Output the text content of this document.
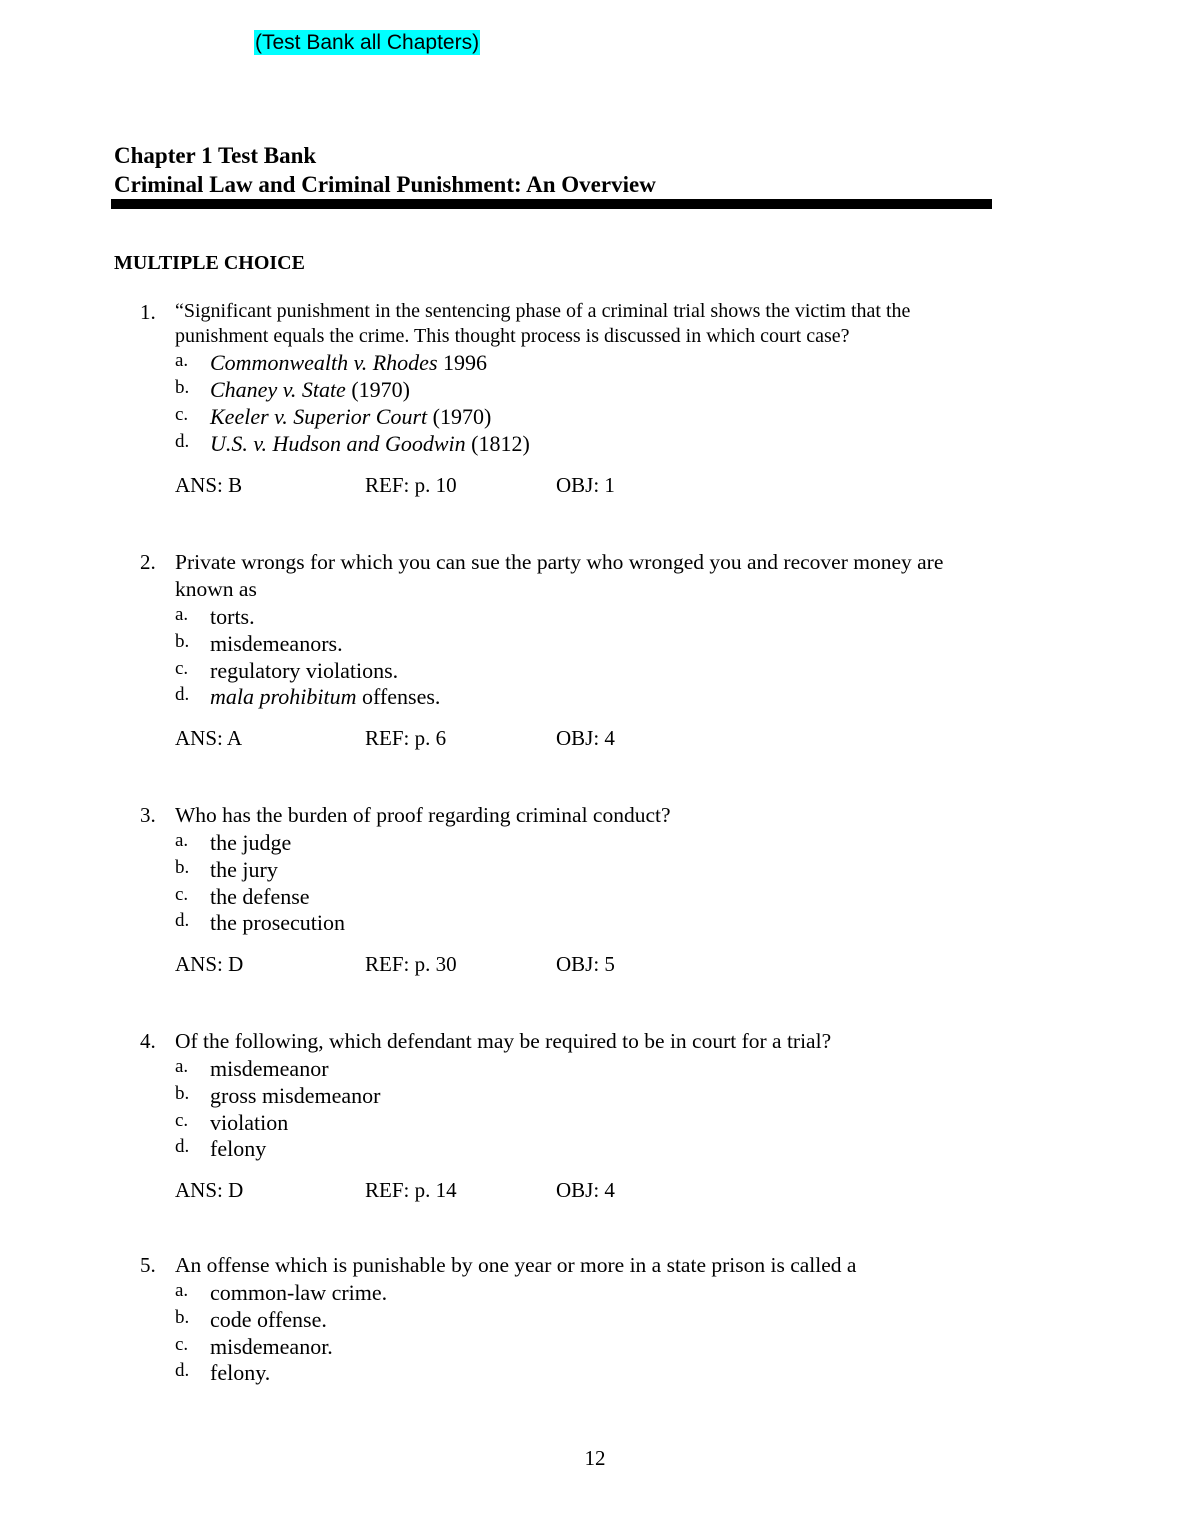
(Test Bank all Chapters)
Chapter 1 Test Bank
Criminal Law and Criminal Punishment: An Overview
MULTIPLE CHOICE
1. “Significant punishment in the sentencing phase of a criminal trial shows the victim that the punishment equals the crime. This thought process is discussed in which court case?
a. Commonwealth v. Rhodes 1996
b. Chaney v. State (1970)
c. Keeler v. Superior Court (1970)
d. U.S. v. Hudson and Goodwin (1812)
ANS: B	REF: p. 10	OBJ: 1
2. Private wrongs for which you can sue the party who wronged you and recover money are known as
a. torts.
b. misdemeanors.
c. regulatory violations.
d. mala prohibitum offenses.
ANS: A	REF: p. 6	OBJ: 4
3. Who has the burden of proof regarding criminal conduct?
a. the judge
b. the jury
c. the defense
d. the prosecution
ANS: D	REF: p. 30	OBJ: 5
4. Of the following, which defendant may be required to be in court for a trial?
a. misdemeanor
b. gross misdemeanor
c. violation
d. felony
ANS: D	REF: p. 14	OBJ: 4
5. An offense which is punishable by one year or more in a state prison is called a
a. common-law crime.
b. code offense.
c. misdemeanor.
d. felony.
12
